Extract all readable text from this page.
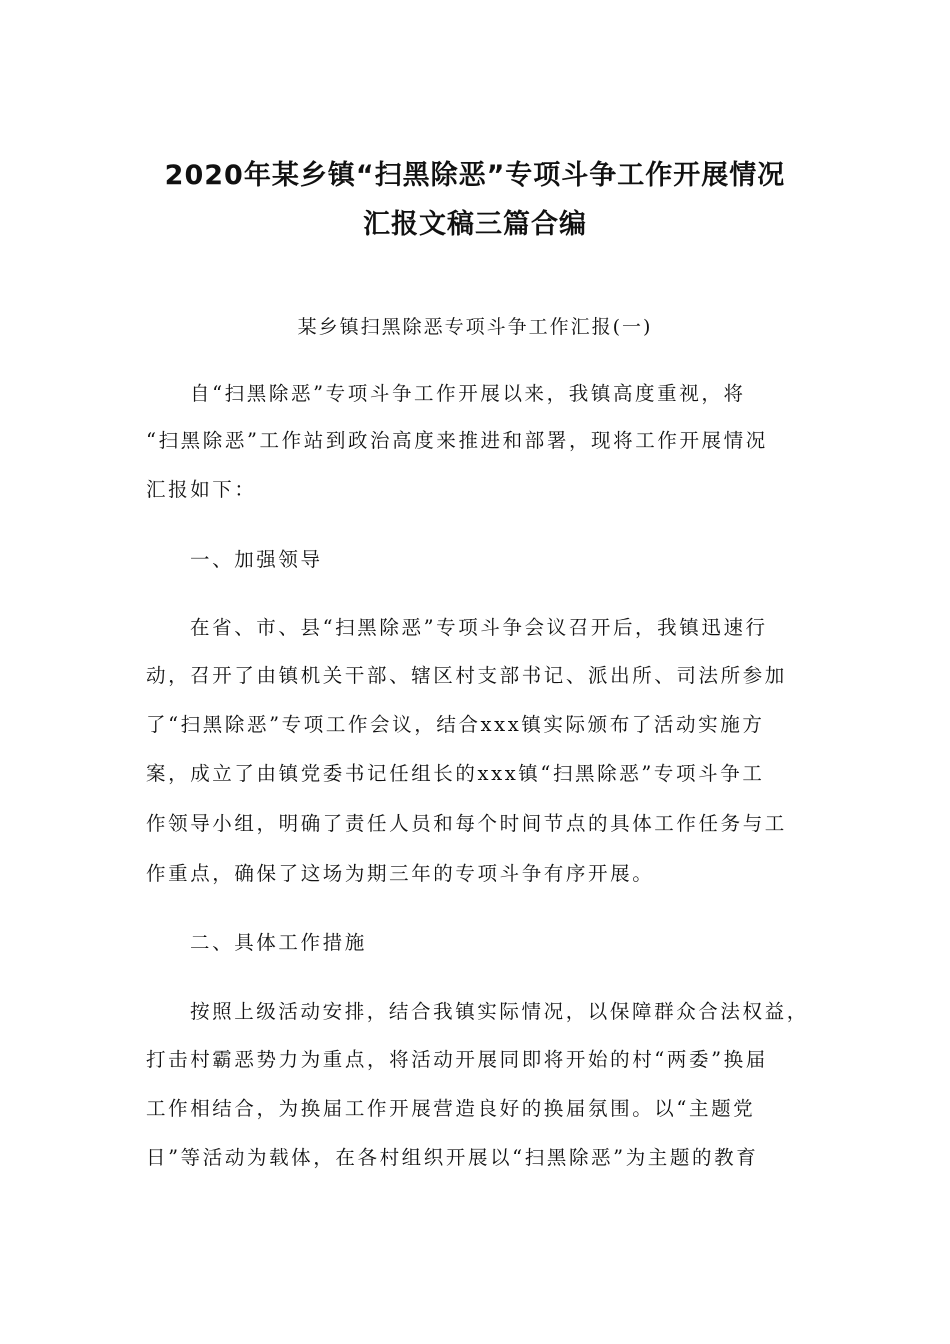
2020年某乡镇“扫黑除恶”专项斗争工作开展情况
汇报文稿三篇合编
某乡镇扫黑除恶专项斗争工作汇报(一)
自“扫黑除恶”专项斗争工作开展以来，我镇高度重视，将
“扫黑除恶”工作站到政治高度来推进和部署，现将工作开展情况
汇报如下：
一、加强领导
在省、市、县“扫黑除恶”专项斗争会议召开后，我镇迅速行
动，召开了由镇机关干部、辖区村支部书记、派出所、司法所参加
了“扫黑除恶”专项工作会议，结合xxx镇实际颁布了活动实施方
案，成立了由镇党委书记任组长的xxx镇“扫黑除恶”专项斗争工
作领导小组，明确了责任人员和每个时间节点的具体工作任务与工
作重点，确保了这场为期三年的专项斗争有序开展。
二、具体工作措施
按照上级活动安排，结合我镇实际情况，以保障群众合法权益，
打击村霸恶势力为重点，将活动开展同即将开始的村“两委”换届
工作相结合，为换届工作开展营造良好的换届氛围。以“主题党
日”等活动为载体，在各村组织开展以“扫黑除恶”为主题的教育
